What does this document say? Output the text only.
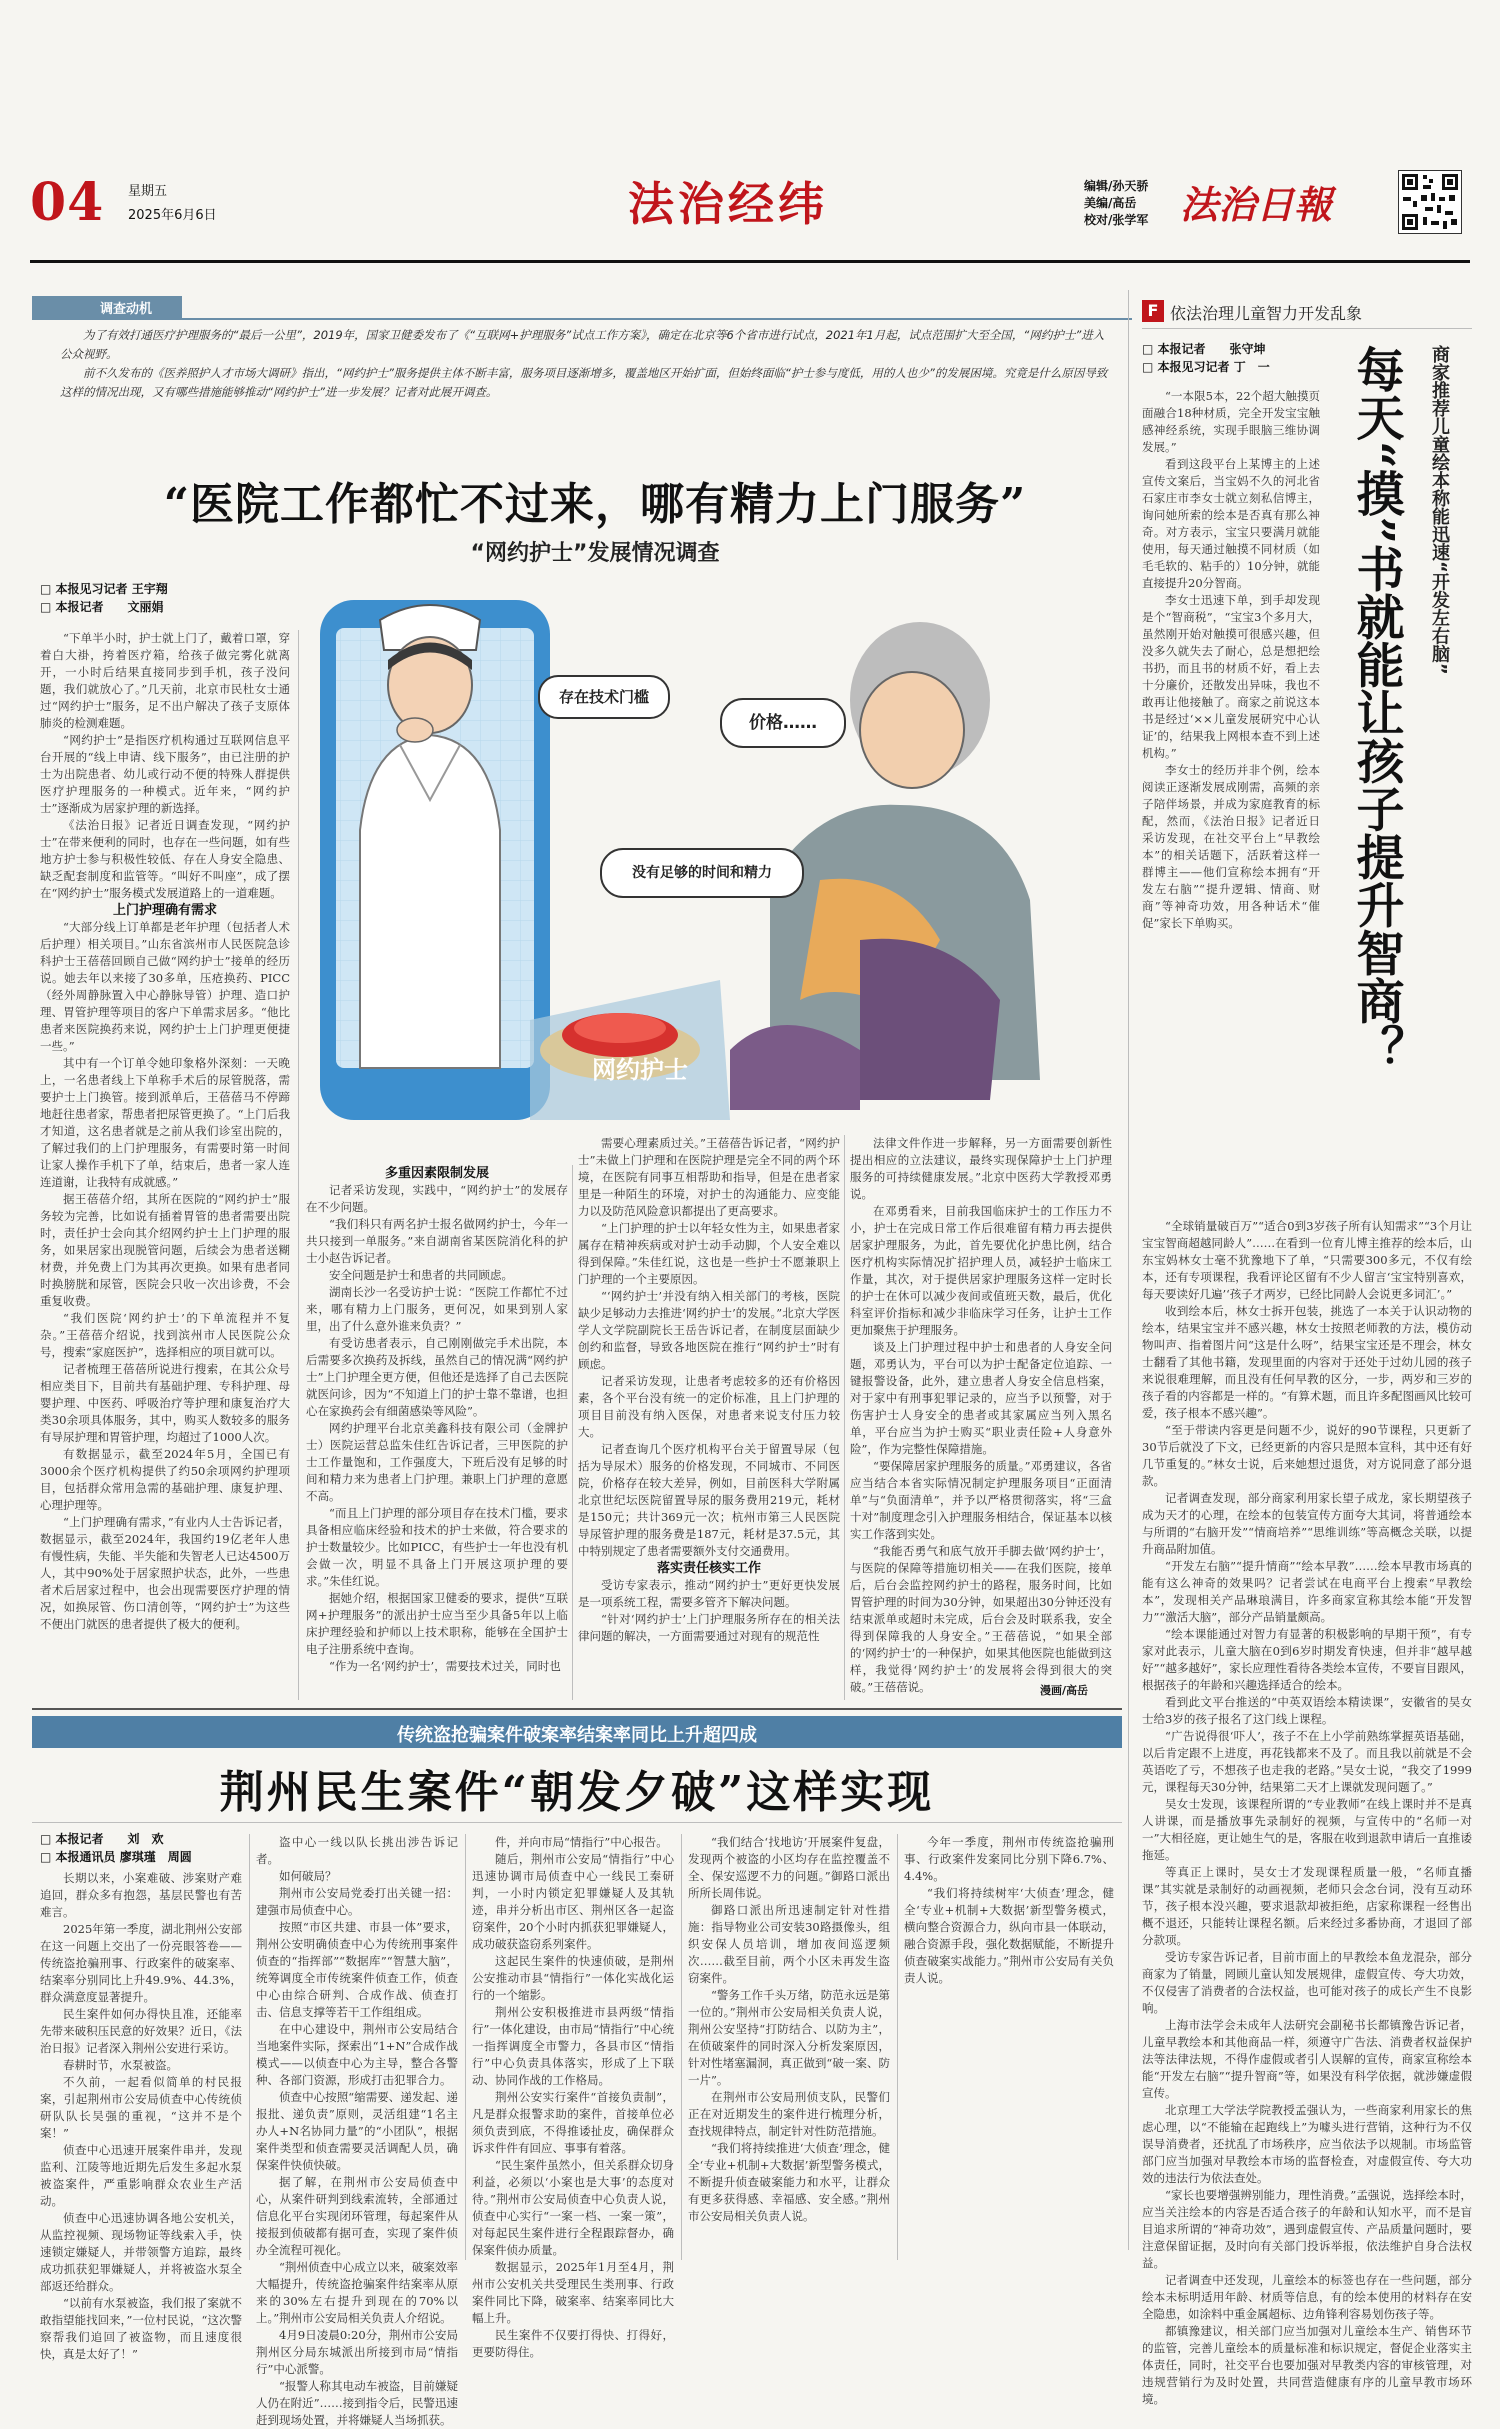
04 星期五
2025年6月6日	法治经纬	编辑/孙天骄
美编/高岳
校对/张学军 法治日報
调查动机

为了有效打通医疗护理服务的“最后一公里”，2019年，国家卫健委发布了《“互联网+护理服务”试点工作方案》，确定在北京等6个省市进行试点，2021年1月起，试点范围扩大至全国，“网约护士”进入公众视野。

前不久发布的《医养照护人才市场大调研》指出，“网约护士”服务提供主体不断丰富，服务项目逐渐增多，覆盖地区开始扩面，但始终面临“护士参与度低，用的人也少”的发展困境。究竟是什么原因导致这样的情况出现，又有哪些措施能够推动“网约护士”进一步发展？记者对此展开调查。

“医院工作都忙不过来，哪有精力上门服务”
“网约护士”发展情况调查
□ 本报见习记者 王宇翔
□ 本报记者　　文丽娟
存在技术门槛
价格……
没有足够的时间和精力
网约护士

“下单半小时，护士就上门了，戴着口罩，穿着白大褂，挎着医疗箱，给孩子做完雾化就离开，一小时后结果直接同步到手机，孩子没问题，我们就放心了。”几天前，北京市民杜女士通过“网约护士”服务，足不出户解决了孩子支原体肺炎的检测难题。

“网约护士”是指医疗机构通过互联网信息平台开展的“线上申请、线下服务”，由已注册的护士为出院患者、幼儿或行动不便的特殊人群提供医疗护理服务的一种模式。近年来，“网约护士”逐渐成为居家护理的新选择。

《法治日报》记者近日调查发现，“网约护士”在带来便利的同时，也存在一些问题，如有些地方护士参与积极性较低、存在人身安全隐患、缺乏配套制度和监管等。“叫好不叫座”，成了摆在“网约护士”服务模式发展道路上的一道难题。

上门护理确有需求

“大部分线上订单都是老年护理（包括者人术后护理）相关项目。”山东省滨州市人民医院急诊科护士王蓓蓓回顾自己做“网约护士”接单的经历说。她去年以来接了30多单，压疮换药、PICC（经外周静脉置入中心静脉导管）护理、造口护理、胃管护理等项目的客户下单需求居多。“他比患者来医院换药来说，网约护士上门护理更便捷一些。”

其中有一个订单令她印象格外深刻：一天晚上，一名患者线上下单称手术后的尿管脱落，需要护士上门换管。接到派单后，王蓓蓓马不停蹄地赶往患者家，帮患者把尿管更换了。“上门后我才知道，这名患者就是之前从我们诊室出院的，了解过我们的上门护理服务，有需要时第一时间让家人操作手机下了单，结束后，患者一家人连连道谢，让我特有成就感。”

据王蓓蓓介绍，其所在医院的“网约护士”服务较为完善，比如说有插着胃管的患者需要出院时，责任护士会向其介绍网约护士上门护理的服务，如果居家出现脱管问题，后续会为患者送糊材费，并免费上门为其再次更换。如果有患者同时换膀胱和尿管，医院会只收一次出诊费，不会重复收费。

“我们医院‘网约护士’的下单流程并不复杂。”王蓓蓓介绍说，找到滨州市人民医院公众号，搜索“家庭医护”，选择相应的项目就可以。

记者梳理王蓓蓓所说进行搜索，在其公众号相应类目下，目前共有基础护理、专科护理、母婴护理、中医药、呼吸治疗等护理和康复治疗大类30余项具体服务，其中，购买人数较多的服务有导尿护理和胃管护理，均超过了1000人次。

有数据显示，截至2024年5月，全国已有3000余个医疗机构提供了约50余项网约护理项目，包括群众常用急需的基础护理、康复护理、心理护理等。

“上门护理确有需求，”有业内人士告诉记者，数据显示，截至2024年，我国约19亿老年人患有慢性病，失能、半失能和失智老人已达4500万人，其中90%处于居家照护状态，此外，一些患者术后居家过程中，也会出现需要医疗护理的情况，如换尿管、伤口清创等，“网约护士”为这些不便出门就医的患者提供了极大的便利。

多重因素限制发展

记者采访发现，实践中，“网约护士”的发展存在不少问题。

“我们科只有两名护士报名做网约护士，今年一共只接到一单服务。”来自湖南省某医院消化科的护士小赵告诉记者。

安全问题是护士和患者的共同顾虑。

湖南长沙一名受访护士说：“医院工作都忙不过来，哪有精力上门服务，更何况，如果到别人家里，出了什么意外谁来负责？”

有受访患者表示，自己刚刚做完手术出院，本后需要多次换药及拆线，虽然自己的情况满“网约护士”上门护理全更方便，但他还是选择了自己去医院就医问诊，因为“不知道上门的护士靠不靠谱，也担心在家换药会有细菌感染等风险”。

网约护理平台北京美鑫科技有限公司（金牌护士）医院运营总监朱佳红告诉记者，三甲医院的护士工作量饱和，工作强度大，下班后没有足够的时间和精力来为患者上门护理。兼职上门护理的意愿不高。

“而且上门护理的部分项目存在技术门槛，要求具备相应临床经验和技术的护士来做，符合要求的护士数量较少。比如PICC，有些护士一年也没有机会做一次，明显不具备上门开展这项护理的要求。”朱佳红说。

据她介绍，根据国家卫健委的要求，提供“互联网+护理服务”的派出护士应当至少具备5年以上临床护理经验和护师以上技术职称，能够在全国护士电子注册系统中查询。

“作为一名‘网约护士’，需要技术过关，同时也

需要心理素质过关。”王蓓蓓告诉记者，“网约护士”未做上门护理和在医院护理是完全不同的两个环境，在医院有同事互相帮助和指导，但是在患者家里是一种陌生的环境，对护士的沟通能力、应变能力以及防范风险意识都提出了更高要求。

“上门护理的护士以年轻女性为主，如果患者家属存在精神疾病或对护士动手动脚，个人安全难以得到保障。”朱佳红说，这也是一些护士不愿兼职上门护理的一个主要原因。

“‘网约护士’并没有纳入相关部门的考核，医院缺少足够动力去推进‘网约护士’的发展。”北京大学医学人文学院副院长王岳告诉记者，在制度层面缺少创约和监督，导致各地医院在推行“网约护士”时有顾虑。

记者采访发现，让患者考虑较多的还有价格因素，各个平台没有统一的定价标准，且上门护理的项目目前没有纳入医保，对患者来说支付压力较大。

记者查询几个医疗机构平台关于留置导尿（包括为导尿术）服务的价格发现，不同城市、不同医院，价格存在较大差异，例如，目前医科大学附属北京世纪坛医院留置导尿的服务费用219元，耗材是150元；共计369元一次；杭州市第三人民医院导尿管护理的服务费是187元，耗材是37.5元，其中特别规定了患者需要额外支付交通费用。

落实责任核实工作

受访专家表示，推动“网约护士”更好更快发展是一项系统工程，需要多管齐下解决问题。

“针对‘网约护士’上门护理服务所存在的相关法律问题的解决，一方面需要通过对现有的规范性

法律文件作进一步解释，另一方面需要创新性提出相应的立法建议，最终实现保障护士上门护理服务的可持续健康发展。”北京中医药大学教授邓勇说。

在邓勇看来，目前我国临床护士的工作压力不小，护士在完成日常工作后很难留有精力再去提供居家护理服务，为此，首先要优化护患比例，结合医疗机构实际情况扩招护理人员，减轻护士临床工作量，其次，对于提供居家护理服务这样一定时长的护士在休可以减少夜间或值班天数，最后，优化科室评价指标和减少非临床学习任务，让护士工作更加聚焦于护理服务。

谈及上门护理过程中护士和患者的人身安全问题，邓勇认为，平台可以为护士配备定位追踪、一键报警设备，此外，建立患者人身安全信息档案，对于家中有刑事犯罪记录的，应当予以预警，对于伤害护士人身安全的患者或其家属应当列入黑名单，平台应当为护士购买“职业责任险+人身意外险”，作为完整性保障措施。

“要保障居家护理服务的质量。”邓勇建议，各省应当结合本省实际情况制定护理服务项目“正面清单”与“负面清单”，并予以严格贯彻落实，将“三盒十对”制度理念引入护理服务相结合，保证基本以核实工作落到实处。

“我能否勇气和底气放开手脚去做‘网约护士’，与医院的保障等措施切相关——在我们医院，接单后，后台会监控网约护士的路程，服务时间，比如胃管护理的时间为30分钟，如果超出30分钟还没有结束派单或超时未完成，后台会及时联系我，安全得到保障我的人身安全。”王蓓蓓说，“如果全部的‘网约护士’的一种保护，如果其他医院也能做到这样，我觉得‘网约护士’的发展将会得到很大的突破。”王蓓蓓说。	漫画/高岳
F 依法治理儿童智力开发乱象
□ 本报记者　　张守坤
□ 本报见习记者 丁　一

“一本限5本，22个超大触摸页面融合18种材质，完全开发宝宝触感神经系统，实现手眼脑三维协调发展。”

看到这段平台上某博主的上述宣传文案后，当宝妈不久的河北省石家庄市李女士就立刻私信博主，询问她所索的绘本是否真有那么神奇。对方表示，宝宝只要满月就能使用，每天通过触摸不同材质（如毛毛软的、粘手的）10分钟，就能直接提升20分智商。

李女士迅速下单，到手却发现是个“智商税”，“宝宝3个多月大，虽然刚开始对触摸可很感兴趣，但没多久就失去了耐心，总是想把绘书扔，而且书的材质不好，看上去十分廉价，还散发出异味，我也不敢再让他接触了。商家之前说这本书是经过‘××儿童发展研究中心认证’的，结果我上网根本查不到上述机构。”

李女士的经历并非个例，绘本阅读正逐渐发展成刚需，高频的亲子陪伴场景，并成为家庭教育的标配，然而，《法治日报》记者近日采访发现，在社交平台上“早教绘本”的相关话题下，活跃着这样一群博主——他们宣称绘本拥有“开发左右脑”“提升逻辑、情商、财商”等神奇功效，用各种话术“催促”家长下单购买。

商家推荐儿童绘本称能迅速“开发左右脑”
每天“摸”书就能让孩子提升智商？

“全球销量破百万”“适合0到3岁孩子所有认知需求”“3个月让宝宝智商超越同龄人”……在看到一位育儿博主推荐的绘本后，山东宝妈林女士毫不犹豫地下了单，“只需要300多元，不仅有绘本，还有专项课程，我看评论区留有不少人留言‘宝宝特别喜欢，每天要读好几遍’‘孩子才两岁，已经比同龄人会说更多词汇’。”

收到绘本后，林女士拆开包装，挑选了一本关于认识动物的绘本，结果宝宝并不感兴趣，林女士按照老师教的方法，模仿动物叫声、指着图片问“这是什么呀”，结果宝宝还是不理会，林女士翻看了其他书籍，发现里面的内容对于还处于过幼儿园的孩子来说很难理解，而且没有任何早教的区分，一步，两岁和三岁的孩子看的内容都是一样的。“有算术题，而且许多配图画风比较可爱，孩子根本不感兴趣”。

“至于带读内容更是问题不少，说好的90节课程，只更新了30节后就没了下文，已经更新的内容只是照本宣科，其中还有好几节重复的。”林女士说，后来她想过退货，对方说同意了部分退款。

记者调查发现，部分商家利用家长望子成龙，家长期望孩子成为天才的心理，在绘本的包装宣传方面夸大其词，将普通绘本与所谓的“右脑开发”“情商培养”“思维训练”等高概念关联，以提升商品附加值。

“开发左右脑”“提升情商”“绘本早教”……绘本早教市场真的能有这么神奇的效果吗？记者尝试在电商平台上搜索“早教绘本”，发现相关产品琳琅满目，许多商家宣称其绘本能“开发智力”“激活大脑”，部分产品销量颇高。

“绘本课能通过对智力有显著的积极影响的早期干预”，有专家对此表示，儿童大脑在0到6岁时期发育快速，但并非“越早越好”“越多越好”，家长应理性看待各类绘本宣传，不要盲目跟风，根据孩子的年龄和兴趣选择适合的绘本。

看到此文平台推送的“中英双语绘本精读课”，安徽省的吴女士给3岁的孩子报名了这门线上课程。

“广告说得很‘吓人’，孩子不在上小学前熟练掌握英语基础，以后肯定跟不上进度，再花钱都来不及了。而且我以前就是不会英语吃了亏，不想孩子也走我的老路。”吴女士说，“我交了1999元，课程每天30分钟，结果第二天才上课就发现问题了。”

吴女士发现，该课程所谓的“专业教师”在线上课时并不是真人讲课，而是播放事先录制好的视频，与宣传中的“名师一对一”大相径庭，更让她生气的是，客服在收到退款申请后一直推诿拖延。

等真正上课时，吴女士才发现课程质量一般，“名师直播课”其实就是录制好的动画视频，老师只会念台词，没有互动环节，孩子根本没兴趣，要求退款却被拒绝，店家称课程一经售出概不退还，只能转让课程名额。后来经过多番协商，才退回了部分款项。

受访专家告诉记者，目前市面上的早教绘本鱼龙混杂，部分商家为了销量，罔顾儿童认知发展规律，虚假宣传、夸大功效，不仅侵害了消费者的合法权益，也可能对孩子的成长产生不良影响。

上海市法学会未成年人法研究会副秘书长都镇豫告诉记者，儿童早教绘本和其他商品一样，须遵守广告法、消费者权益保护法等法律法规，不得作虚假或者引人误解的宣传，商家宣称绘本能“开发左右脑”“提升智商”等，如果没有科学依据，就涉嫌虚假宣传。

北京理工大学法学院教授孟强认为，一些商家利用家长的焦虑心理，以“不能输在起跑线上”为噱头进行营销，这种行为不仅误导消费者，还扰乱了市场秩序，应当依法予以规制。市场监管部门应当加强对早教绘本市场的监督检查，对虚假宣传、夸大功效的违法行为依法查处。

“家长也要增强辨别能力，理性消费。”孟强说，选择绘本时，应当关注绘本的内容是否适合孩子的年龄和认知水平，而不是盲目追求所谓的“神奇功效”，遇到虚假宣传、产品质量问题时，要注意保留证据，及时向有关部门投诉举报，依法维护自身合法权益。

记者调查中还发现，儿童绘本的标签也存在一些问题，部分绘本未标明适用年龄、材质等信息，有的绘本使用的材料存在安全隐患，如涂料中重金属超标、边角锋利容易划伤孩子等。

都镇豫建议，相关部门应当加强对儿童绘本生产、销售环节的监管，完善儿童绘本的质量标准和标识规定，督促企业落实主体责任，同时，社交平台也要加强对早教类内容的审核管理，对违规营销行为及时处置，共同营造健康有序的儿童早教市场环境。

传统盗抢骗案件破案率结案率同比上升超四成
荆州民生案件“朝发夕破”这样实现
□ 本报记者　　刘　欢
□ 本报通讯员 廖琪瑾　周圆

长期以来，小案难破、涉案财产难追回，群众多有抱怨，基层民警也有苦难言。

2025年第一季度，湖北荆州公安部在这一问题上交出了一份亮眼答卷——传统盗抢骗刑事、行政案件的破案率、结案率分别同比上升49.9%、44.3%，群众满意度显著提升。

民生案件如何办得快且准，还能率先带来破积压民意的好效果？近日，《法治日报》记者深入荆州公安进行采访。

春耕时节，水泵被盗。

不久前，一起看似简单的村民报案，引起荆州市公安局侦查中心传统侦研队队长吴强的重视，“这并不是个案！”

侦查中心迅速开展案件串并，发现监利、江陵等地近期先后发生多起水泵被盗案件，严重影响群众农业生产活动。

侦查中心迅速协调各地公安机关，从监控视频、现场物证等线索入手，快速锁定嫌疑人，并带领警方追踪，最终成功抓获犯罪嫌疑人，并将被盗水泵全部返还给群众。

“以前有水泵被盗，我们报了案就不敢指望能找回来，”一位村民说，“这次警察帮我们追回了被盗物，而且速度很快，真是太好了！”

盗中心一线以队长挑出涉告诉记者。

如何破局？

荆州市公安局党委打出关键一招：建强市局侦查中心。

按照“市区共建、市县一体”要求，荆州公安明确侦查中心为传统刑事案件侦查的“指挥部”“数据库”“智慧大脑”，统筹调度全市传统案件侦查工作，侦查中心由综合研判、合成作战、侦查打击、信息支撑等若干工作组组成。

在中心建设中，荆州市公安局结合当地案件实际，探索出“1+N”合成作战模式——以侦查中心为主导，整合各警种、各部门资源，形成打击犯罪合力。

侦查中心按照“缩需要、递发起、递报批、递负责”原则，灵活组建“1名主办人+N名协同力量”的“小团队”，根据案件类型和侦查需要灵活调配人员，确保案件快侦快破。

据了解，在荆州市公安局侦查中心，从案件研判到线索流转，全部通过信息化平台实现闭环管理，每起案件从接报到侦破都有据可查，实现了案件侦办全流程可视化。

“荆州侦查中心成立以来，破案效率大幅提升，传统盗抢骗案件结案率从原来的30%左右提升到现在的70%以上。”荆州市公安局相关负责人介绍说。

4月9日凌晨0:20分，荆州市公安局荆州区分局东城派出所接到市局“情指行”中心派警。

“报警人称其电动车被盗，目前嫌疑人仍在附近”……接到指令后，民警迅速赶到现场处置，并将嫌疑人当场抓获。

件，并向市局“情指行”中心报告。

随后，荆州市公安局“情指行”中心迅速协调市局侦查中心一线民工秦研判，一小时内锁定犯罪嫌疑人及其轨迹，串并分析出市区、荆州区各一起盗窃案件，20个小时内抓获犯罪嫌疑人，成功破获盗窃系列案件。

这起民生案件的快速侦破，是荆州公安推动市县“情指行”一体化实战化运行的一个缩影。

荆州公安积极推进市县两级“情指行”一体化建设，由市局“情指行”中心统一指挥调度全市警力，各县市区“情指行”中心负责具体落实，形成了上下联动、协同作战的工作格局。

荆州公安实行案件“首接负责制”，凡是群众报警求助的案件，首接单位必须负责到底，不得推诿扯皮，确保群众诉求件件有回应、事事有着落。

“民生案件虽然小，但关系群众切身利益，必须以‘小案也是大事’的态度对待。”荆州市公安局侦查中心负责人说，侦查中心实行“一案一档、一案一策”，对每起民生案件进行全程跟踪督办，确保案件侦办质量。

数据显示，2025年1月至4月，荆州市公安机关共受理民生类刑事、行政案件同比下降，破案率、结案率同比大幅上升。

民生案件不仅要打得快、打得好，更要防得住。

“我们结合‘找地访’开展案件复盘，发现两个被盗的小区均存在监控覆盖不全、保安巡逻不力的问题。”御路口派出所所长周伟说。

御路口派出所迅速制定针对性措施：指导物业公司安装30路摄像头，组织安保人员培训，增加夜间巡逻频次……截至目前，两个小区未再发生盗窃案件。

“警务工作千头万绪，防范永远是第一位的。”荆州市公安局相关负责人说，荆州公安坚持“打防结合、以防为主”，在侦破案件的同时深入分析发案原因，针对性堵塞漏洞，真正做到“破一案、防一片”。

在荆州市公安局刑侦支队，民警们正在对近期发生的案件进行梳理分析，查找规律特点，制定针对性防范措施。

“我们将持续推进‘大侦查’理念，健全‘专业+机制+大数据’新型警务模式，不断提升侦查破案能力和水平，让群众有更多获得感、幸福感、安全感。”荆州市公安局相关负责人说。

今年一季度，荆州市传统盗抢骗刑事、行政案件发案同比分别下降6.7%、4.4%。

“我们将持续树牢‘大侦查’理念，健全‘专业+机制+大数据’新型警务模式，横向整合资源合力，纵向市县一体联动，融合资源手段，强化数据赋能，不断提升侦查破案实战能力。”荆州市公安局有关负责人说。
